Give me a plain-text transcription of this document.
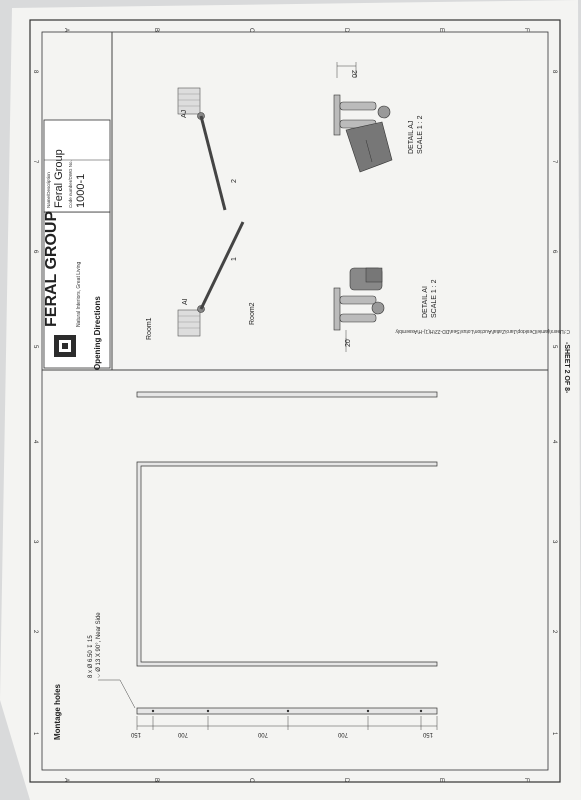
A	B	C	D	E	F
A	B	C	D	E	F
1
2
3
4
5
6
7
8
1
2
3
4
5
6
7
8
FERAL GROUP	Natural Interiors, Great Living
Name/Description Feral Group Code number/DWG No. 1000-1
Opening Directions	Room1
Room2
AI
AJ
1
2
20
DETAIL AI SCALE 1 : 2
20
DETAIL AJ SCALE 1 : 2
150	700	700	700	150
8 x Ø 6.50 ↧ 15 ⌵ Ø 13 X 90°, Near Side
Montage holes
-SHEET 2 OF 8-
C:\Users\jamie\Desktop\Jaro\Zatial\Auction\Lotus\Sea\DD-22\H(1)-H\Assembly
